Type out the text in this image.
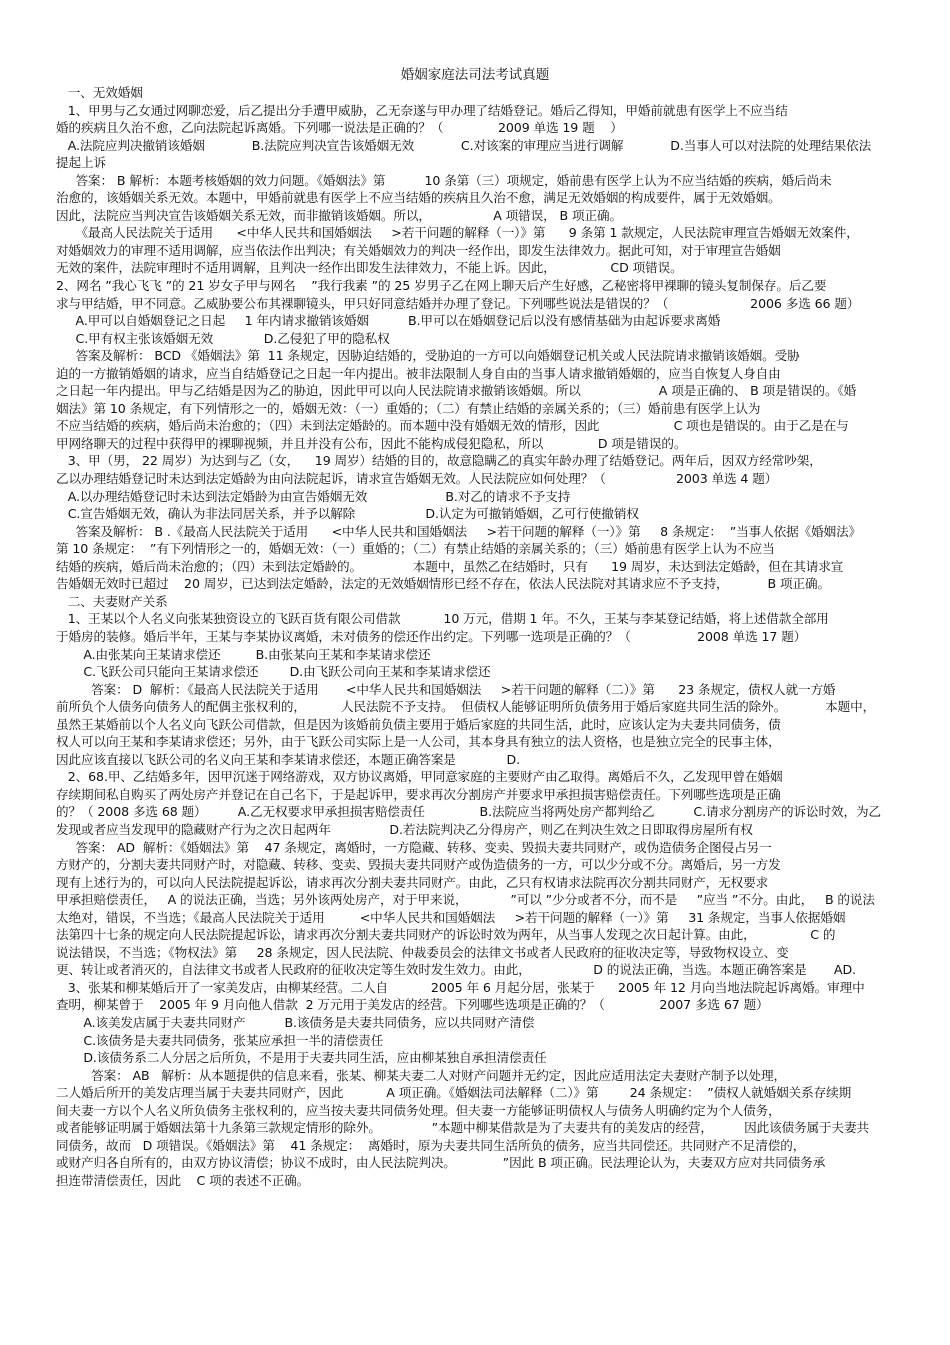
婚姻家庭法司法考试真题

一、无效婚姻

1、甲男与乙女通过网聊恋爱，后乙提出分手遭甲威胁，乙无奈遂与甲办理了结婚登记。婚后乙得知，甲婚前就患有医学上不应当结

婚的疾病且久治不愈，乙向法院起诉离婚。下列哪一说法是正确的？（              2009 单选 19 题    ）

A.法院应判决撤销该婚姻            B.法院应判决宣告该婚姻无效            C.对该案的审理应当进行调解            D.当事人可以对法院的处理结果依法

提起上诉

答案： B 解析：本题考核婚姻的效力问题。《婚姻法》第          10 条第（三）项规定，婚前患有医学上认为不应当结婚的疾病，婚后尚未

治愈的，该婚姻关系无效。本题中，甲婚前就患有医学上不应当结婚的疾病且久治不愈，满足无效婚姻的构成要件，属于无效婚姻。

因此，法院应当判决宣告该婚姻关系无效，而非撤销该婚姻。所以，                A 项错误， B 项正确。

《最高人民法院关于适用      <中华人民共和国婚姻法     >若干问题的解释（一）》第      9 条第 1 款规定，人民法院审理宣告婚姻无效案件，

对婚姻效力的审理不适用调解，应当依法作出判决；有关婚姻效力的判决一经作出，即发生法律效力。据此可知，对于审理宣告婚姻

无效的案件，法院审理时不适用调解，且判决一经作出即发生法律效力，不能上诉。因此，              CD 项错误。

2、网名 ”我心飞飞 ”的 21 岁女子甲与网名    ”我行我素 ”的 25 岁男子乙在网上聊天后产生好感，乙秘密将甲裸聊的镜头复制保存。后乙要

求与甲结婚，甲不同意。乙威胁要公布其裸聊镜头，甲只好同意结婚并办理了登记。下列哪些说法是错误的？（                     2006 多选 66 题）

A.甲可以自婚姻登记之日起     1 年内请求撤销该婚姻          B.甲可以在婚姻登记后以没有感情基础为由起诉要求离婚

C.甲有权主张该婚姻无效             D.乙侵犯了甲的隐私权

答案及解析： BCD 《婚姻法》第  11 条规定，因胁迫结婚的，受胁迫的一方可以向婚姻登记机关或人民法院请求撤销该婚姻。受胁

迫的一方撤销婚姻的请求，应当自结婚登记之日起一年内提出。被非法限制人身自由的当事人请求撤销婚姻的，应当自恢复人身自由

之日起一年内提出。甲与乙结婚是因为乙的胁迫，因此甲可以向人民法院请求撤销该婚姻。所以                    A 项是正确的、 B 项是错误的。《婚

姻法》第 10 条规定，有下列情形之一的，婚姻无效：（一）重婚的；（二）有禁止结婚的亲属关系的；（三）婚前患有医学上认为

不应当结婚的疾病，婚后尚未治愈的；（四）未到法定婚龄的。而本题中没有婚姻无效的情形，因此                   C 项也是错误的。由于乙是在与

甲网络聊天的过程中获得甲的裸聊视频，并且并没有公布，因此不能构成侵犯隐私，所以              D 项是错误的。

3、甲（男， 22 周岁）为达到与乙（女，    19 周岁）结婚的目的，故意隐瞒乙的真实年龄办理了结婚登记。两年后，因双方经常吵架，

乙以办理结婚登记时未达到法定婚龄为由向法院起诉，请求宣告婚姻无效。人民法院应如何处理？（                  2003 单选 4 题）

A.以办理结婚登记时未达到法定婚龄为由宣告婚姻无效                    B.对乙的请求不予支持

C.宣告婚姻无效，确认为非法同居关系，并予以解除                  D.认定为可撤销婚姻，乙可行使撤销权

答案及解析： B .《最高人民法院关于适用      <中华人民共和国婚姻法     >若干问题的解释（一）》第     8 条规定：  ”当事人依据《婚姻法》

第 10 条规定：  ”有下列情形之一的，婚姻无效：（一）重婚的；（二）有禁止结婚的亲属关系的；（三）婚前患有医学上认为不应当

结婚的疾病，婚后尚未治愈的；（四）未到法定婚龄的。             本题中，虽然乙在结婚时，只有      19 周岁，未达到法定婚龄，但在其请求宣

告婚姻无效时已超过    20 周岁，已达到法定婚龄，法定的无效婚姻情形已经不存在，依法人民法院对其请求应不予支持，          B 项正确。

二、夫妻财产关系

1、王某以个人名义向张某独资设立的飞跃百货有限公司借款           10 万元，借期 1 年。不久，王某与李某登记结婚，将上述借款全部用

于婚房的装修。婚后半年，王某与李某协议离婚，未对债务的偿还作出约定。下列哪一选项是正确的？（                 2008 单选 17 题）

A.由张某向王某请求偿还         B.由张某向王某和李某请求偿还

C.飞跃公司只能向王某请求偿还        D.由飞跃公司向王某和李某请求偿还

答案： D  解析：《最高人民法院关于适用       <中华人民共和国婚姻法     >若干问题的解释（二）》第      23 条规定，债权人就一方婚

前所负个人债务向债务人的配偶主张权利的，         人民法院不予支持。  但债权人能够证明所负债务用于婚后家庭共同生活的除外。          本题中，

虽然王某婚前以个人名义向飞跃公司借款，但是因为该婚前负债主要用于婚后家庭的共同生活，此时，应该认定为夫妻共同债务，债

权人可以向王某和李某请求偿还；另外，由于飞跃公司实际上是一人公司，其本身具有独立的法人资格，也是独立完全的民事主体，

因此应该直接以飞跃公司的名义向王某和李某请求偿还，本题正确答案是             D.

2、68.甲、乙结婚多年，因甲沉迷于网络游戏，双方协议离婚，甲同意家庭的主要财产由乙取得。离婚后不久，乙发现甲曾在婚姻

存续期间私自购买了两处房产并登记在自己名下，于是起诉甲，要求再次分割房产并要求甲承担损害赔偿责任。下列哪些选项是正确

的？（ 2008 多选 68 题）        A.乙无权要求甲承担损害赔偿责任              B.法院应当将两处房产都判给乙          C.请求分割房产的诉讼时效，为乙

发现或者应当发现甲的隐藏财产行为之次日起两年               D.若法院判决乙分得房产，则乙在判决生效之日即取得房屋所有权

答案： AD  解析：《婚姻法》第    47 条规定，离婚时，一方隐藏、转移、变卖、毁损夫妻共同财产，或伪造债务企图侵占另一

方财产的，分割夫妻共同财产时，对隐藏、转移、变卖、毁损夫妻共同财产或伪造债务的一方，可以少分或不分。离婚后，另一方发

现有上述行为的，可以向人民法院提起诉讼，请求再次分割夫妻共同财产。由此，乙只有权请求法院再次分割共同财产，无权要求

甲承担赔偿责任，   A 的说法正确，当选；另外该两处房产，对于甲来说，           ”可以 ”少分或者不分，而不是     ”应当 ”不分。由此，   B 的说法

太绝对，错误，不当选；《最高人民法院关于适用         <中华人民共和国婚姻法     >若干问题的解释（一）》第     31 条规定，当事人依据婚姻

法第四十七条的规定向人民法院提起诉讼，请求再次分割夫妻共同财产的诉讼时效为两年，从当事人发现之次日起计算。由此，              C 的

说法错误，不当选；《物权法》第     28 条规定，因人民法院、仲裁委员会的法律文书或者人民政府的征收决定等，导致物权设立、变

更、转让或者消灭的，自法律文书或者人民政府的征收决定等生效时发生效力。由此，                D 的说法正确，当选。本题正确答案是       AD.

3、张某和柳某婚后开了一家美发店，由柳某经营。二人自           2005 年 6 月起分居，张某于      2005 年 12 月向当地法院起诉离婚。审理中

查明，柳某曾于    2005 年 9 月向他人借款  2 万元用于美发店的经营。下列哪些选项是正确的？（              2007 多选 67 题）

A.该美发店属于夫妻共同财产          B.该债务是夫妻共同债务，应以共同财产清偿

C.该债务是夫妻共同债务，张某应承担一半的清偿责任

D.该债务系二人分居之后所负，不是用于夫妻共同生活，应由柳某独自承担清偿责任

答案： AB   解析：从本题提供的信息来看，张某、柳某夫妻二人对财产问题并无约定，因此应适用法定夫妻财产制予以处理，

二人婚后所开的美发店理当属于夫妻共同财产，因此           A 项正确。《婚姻法司法解释（二）》第        24 条规定：  ”债权人就婚姻关系存续期

间夫妻一方以个人名义所负债务主张权利的，应当按夫妻共同债务处理。但夫妻一方能够证明债权人与债务人明确约定为个人债务，

或者能够证明属于婚姻法第十九条第三款规定情形的除外。             ”本题中柳某借款是为了夫妻共有的美发店的经营，        因此该债务属于夫妻共

同债务，故而   D 项错误。《婚姻法》第    41 条规定：  离婚时，原为夫妻共同生活所负的债务，应当共同偿还。共同财产不足清偿的，

或财产归各自所有的，由双方协议清偿；协议不成时，由人民法院判决。            ”因此 B 项正确。民法理论认为，夫妻双方应对共同债务承

担连带清偿责任，因此    C 项的表述不正确。
